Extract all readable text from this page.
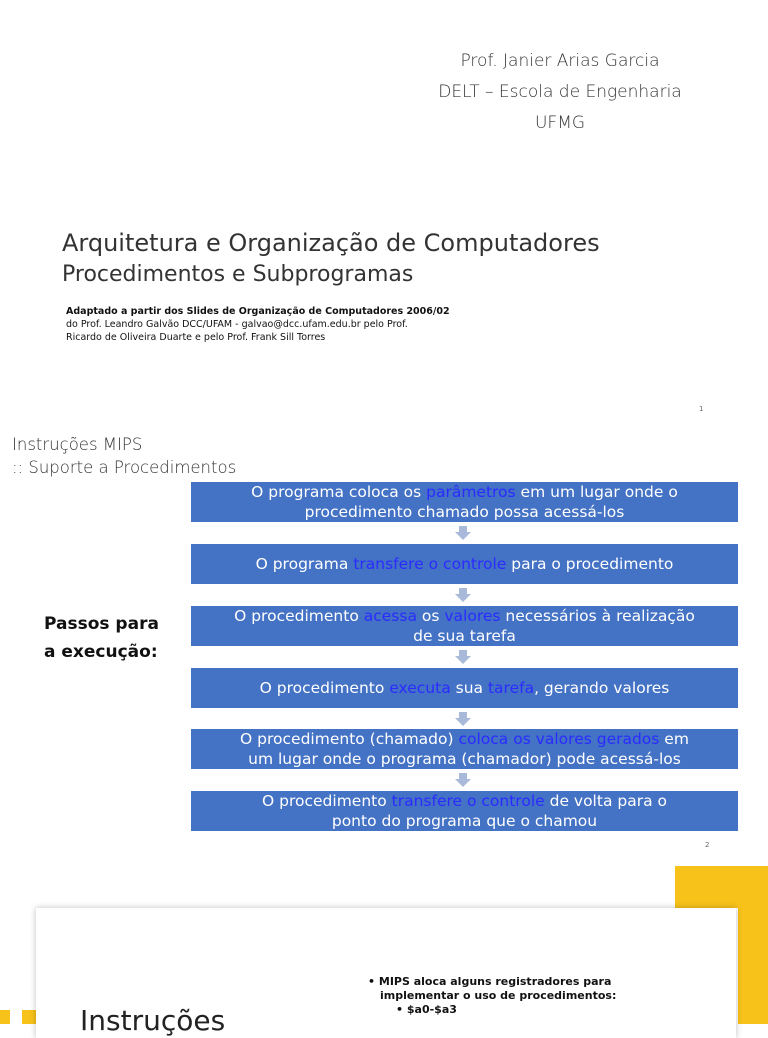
Prof. Janier Arias Garcia
DELT – Escola de Engenharia
UFMG
Arquitetura e Organização de Computadores
Procedimentos e Subprogramas
Adaptado a partir dos Slides de Organização de Computadores 2006/02
do Prof. Leandro Galvão DCC/UFAM - galvao@dcc.ufam.edu.br pelo Prof.
Ricardo de Oliveira Duarte e pelo Prof. Frank Sill Torres
1
Instruções MIPS
:: Suporte a Procedimentos
Passos para
a execução:
O programa coloca os parâmetros em um lugar onde o
procedimento chamado possa acessá-los
O programa transfere o controle para o procedimento
O procedimento acessa os valores necessários à realização
de sua tarefa
O procedimento executa sua tarefa, gerando valores
O procedimento (chamado) coloca os valores gerados em
um lugar onde o programa (chamador) pode acessá-los
O procedimento transfere o controle de volta para o
ponto do programa que o chamou
2
• MIPS aloca alguns registradores para
implementar o uso de procedimentos:
• $a0-$a3
Instruções
